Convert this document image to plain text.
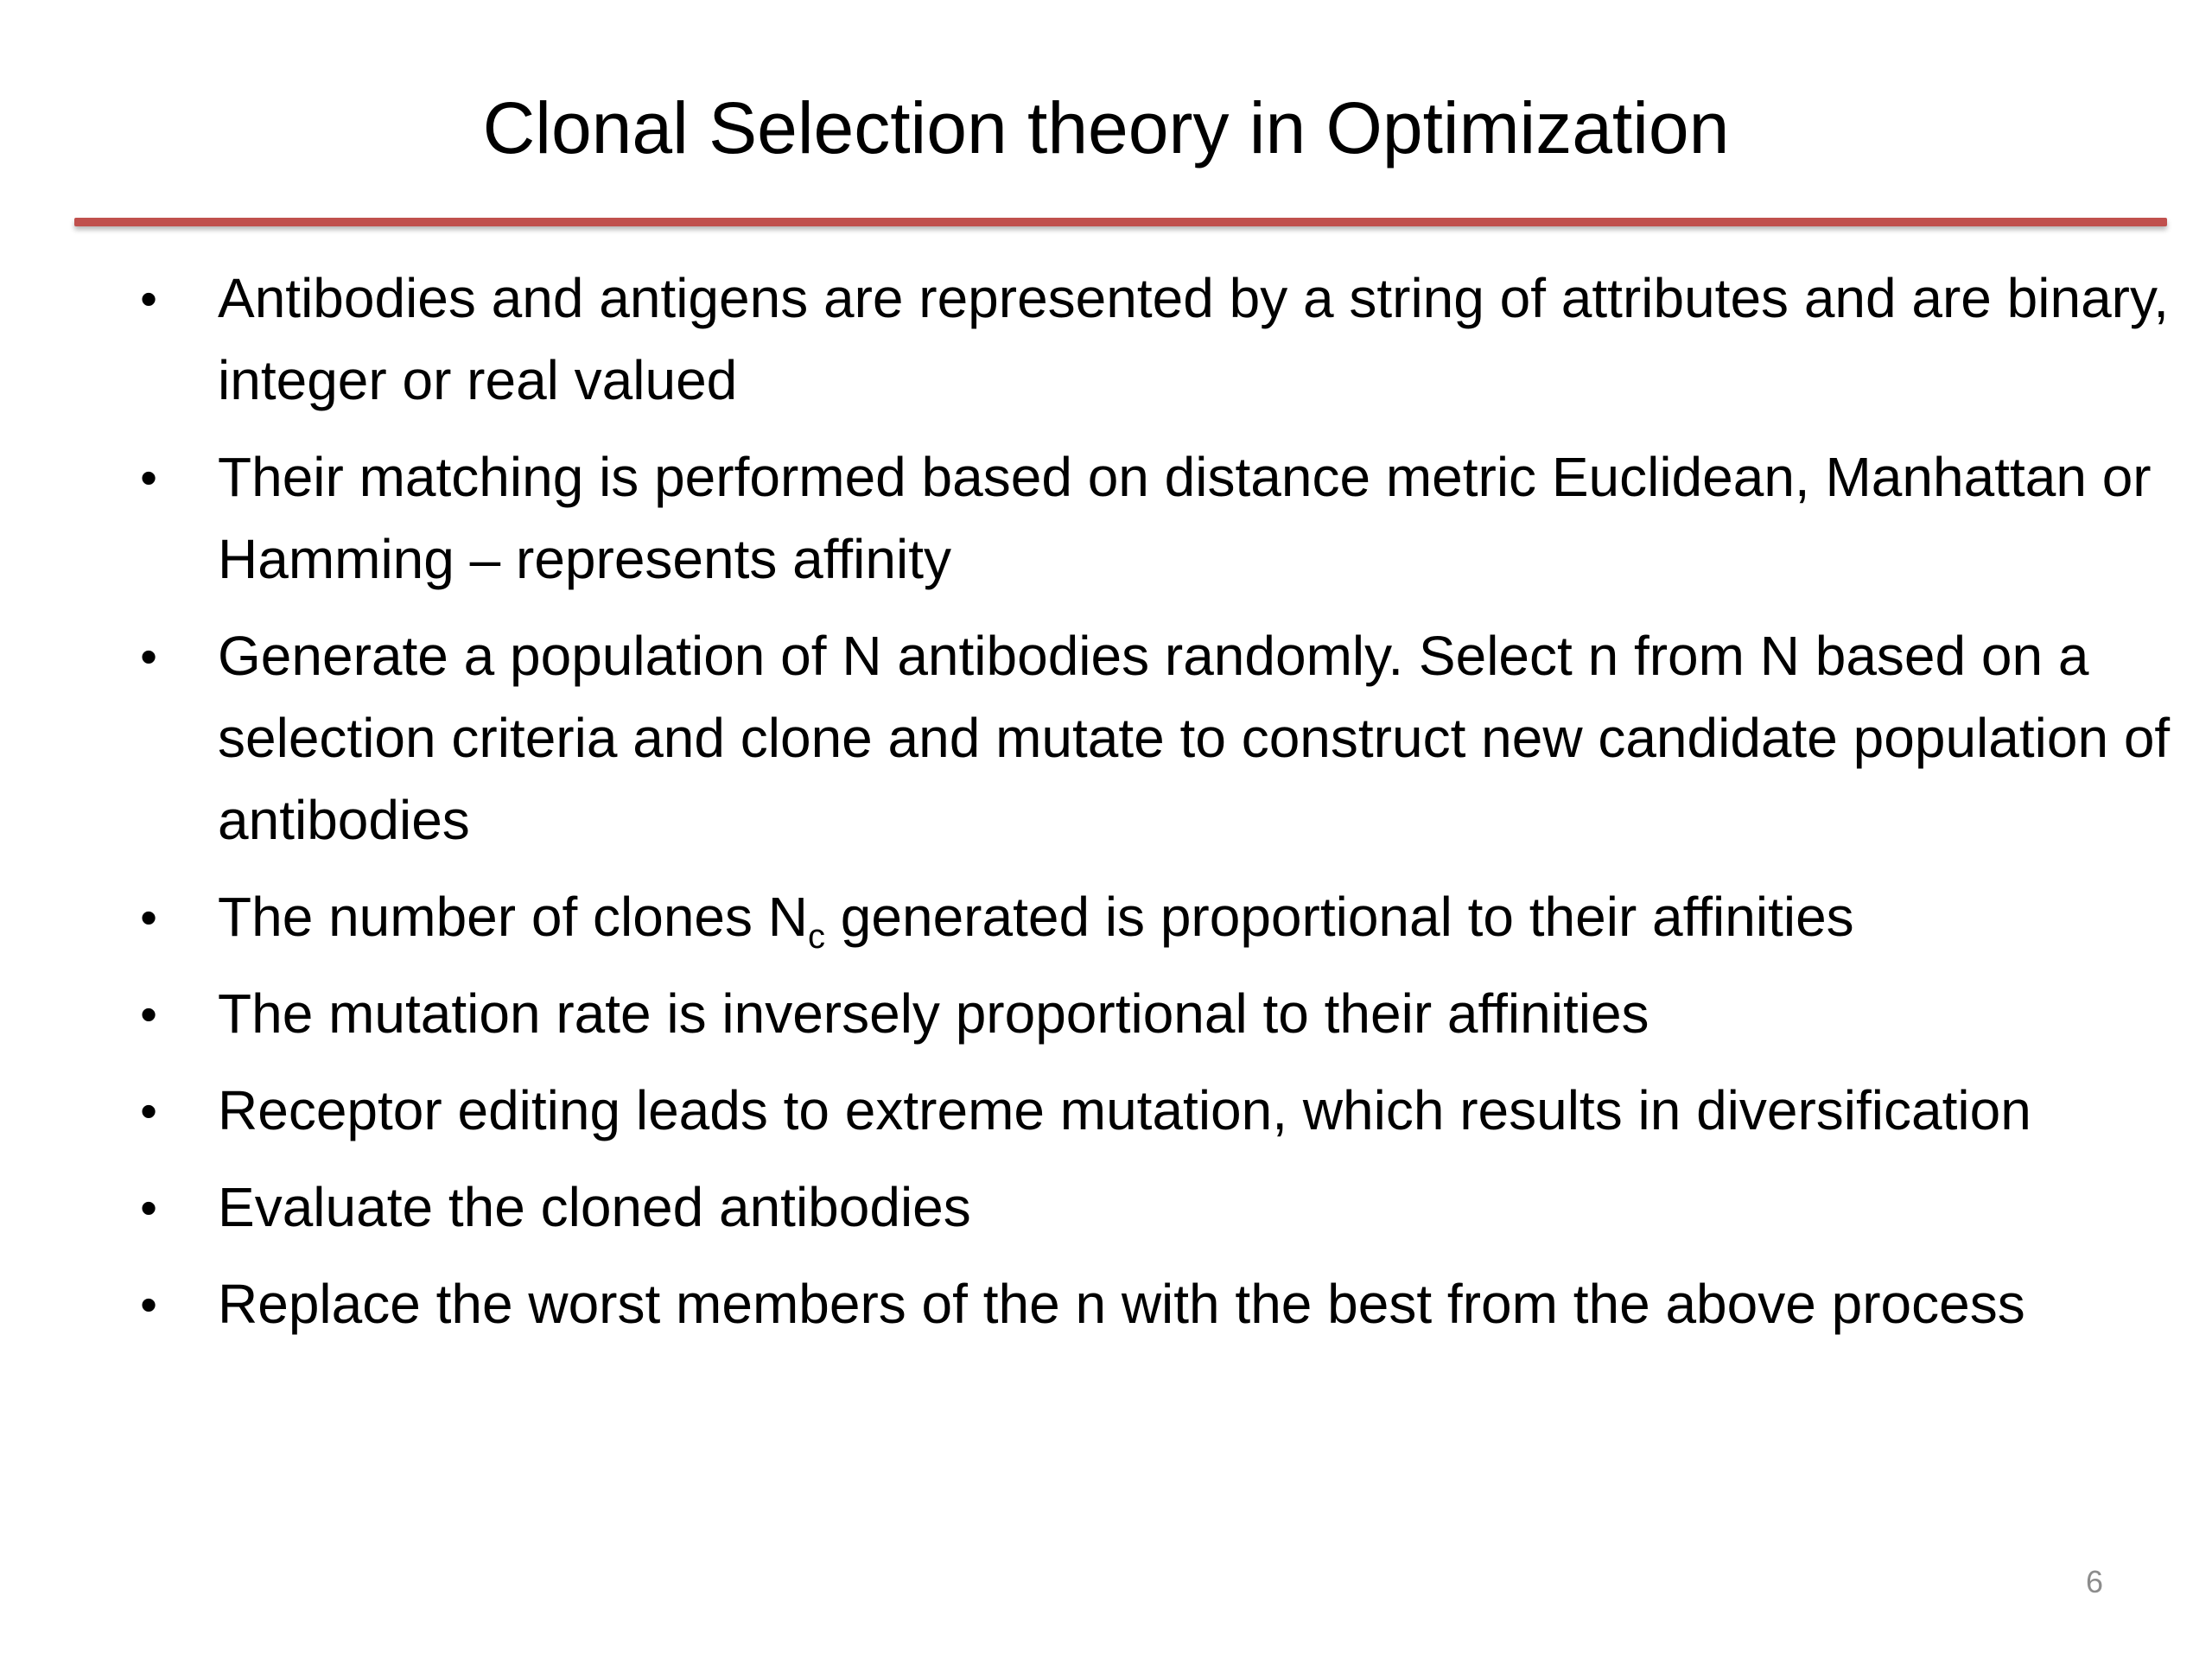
Clonal Selection theory in Optimization
• Antibodies and antigens are represented by a string of attributes and are binary, integer or real valued
• Their matching is performed based on distance metric Euclidean, Manhattan or Hamming – represents affinity
• Generate a population of N antibodies randomly. Select n from N based on a selection criteria and clone and mutate to construct new candidate population of antibodies
• The number of clones $N_c$ generated is proportional to their affinities
• The mutation rate is inversely proportional to their affinities
• Receptor editing leads to extreme mutation, which results in diversification
• Evaluate the cloned antibodies
• Replace the worst members of the n with the best from the above process
6
